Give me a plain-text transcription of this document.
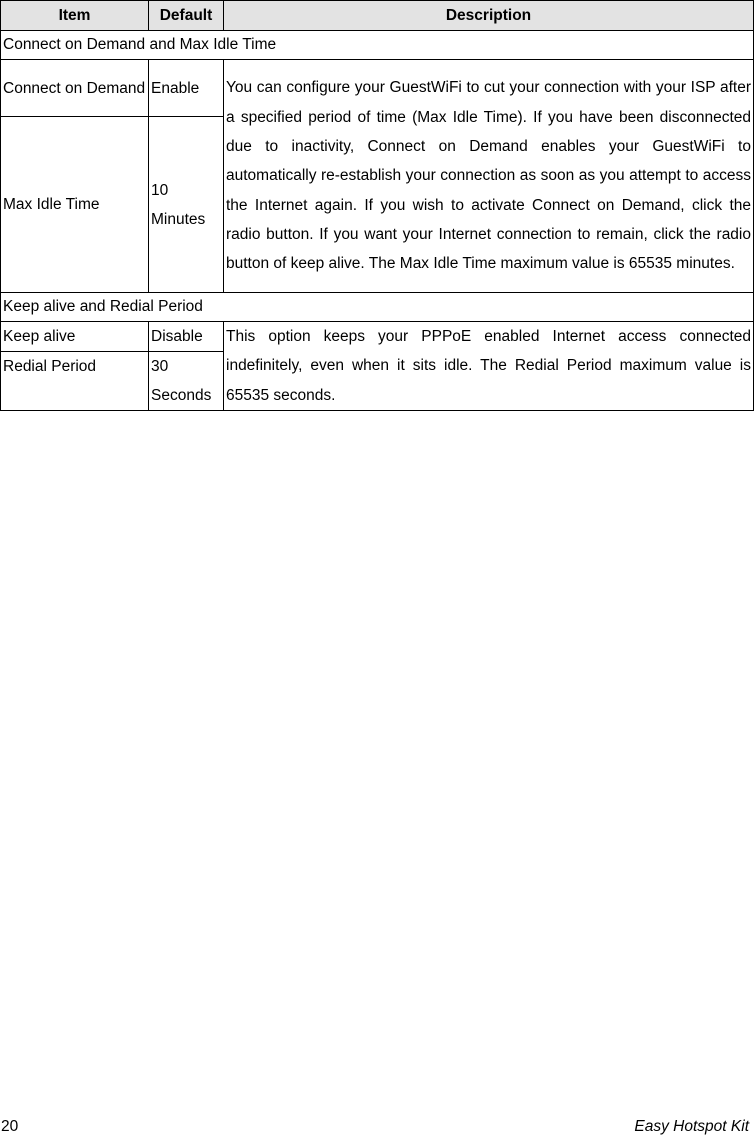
Item	Default	Description
Connect on Demand and Max Idle Time		
Connect on Demand	Enable	You can configure your GuestWiFi to cut your connection with your ISP after a specified period of time (Max Idle Time). If you have been disconnected due to inactivity, Connect on Demand enables your GuestWiFi to automatically re-establish your connection as soon as you attempt to access the Internet again. If you wish to activate Connect on Demand, click the radio button. If you want your Internet connection to remain, click the radio button of keep alive. The Max Idle Time maximum value is 65535 minutes.
Max Idle Time	10 Minutes	
Keep alive and Redial Period		
Keep alive	Disable	This option keeps your PPPoE enabled Internet access connected indefinitely, even when it sits idle. The Redial Period maximum value is 65535 seconds.
Redial Period	30 Seconds	
20	Easy Hotspot Kit
